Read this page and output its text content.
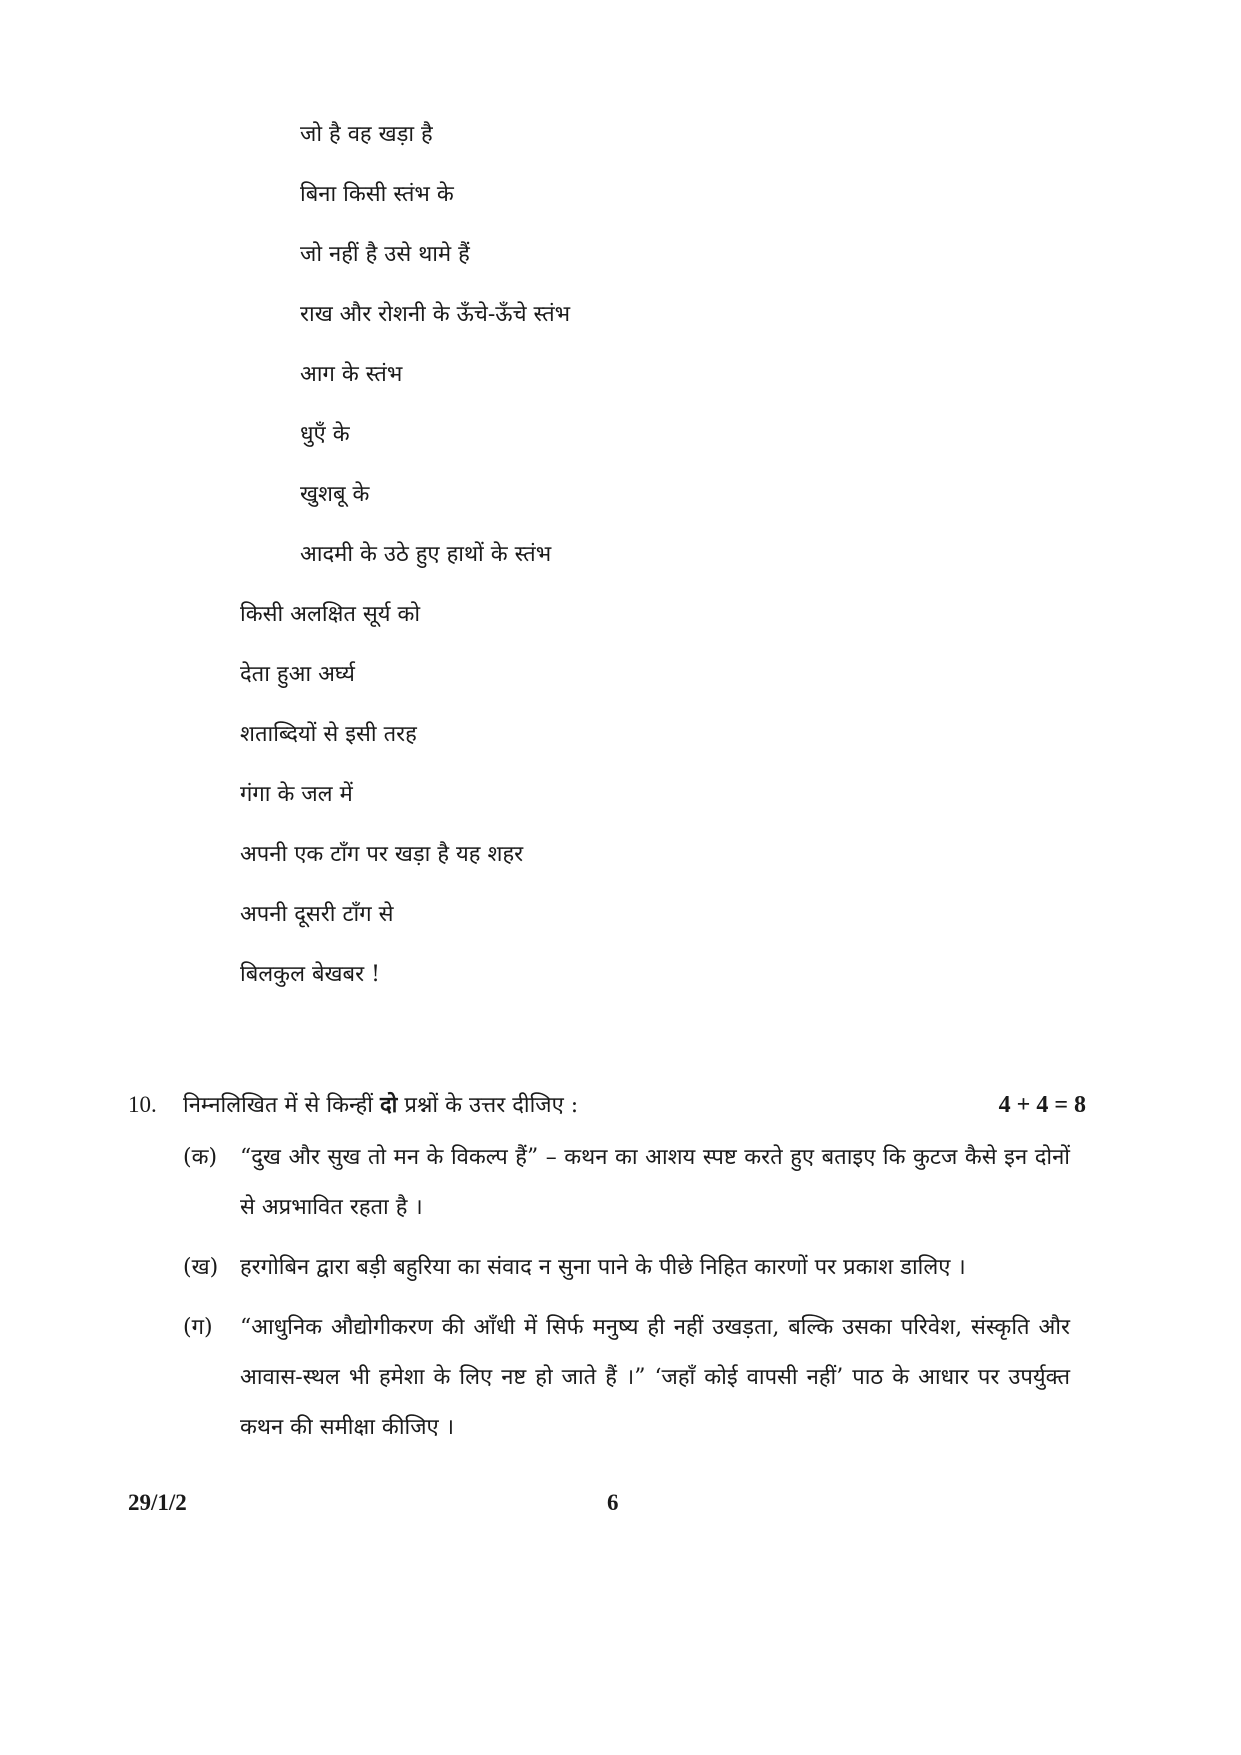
जो है वह खड़ा है
बिना किसी स्तंभ के
जो नहीं है उसे थामे हैं
राख और रोशनी के ऊँचे-ऊँचे स्तंभ
आग के स्तंभ
धुएँ के
खुशबू के
आदमी के उठे हुए हाथों के स्तंभ
किसी अलक्षित सूर्य को
देता हुआ अर्घ्य
शताब्दियों से इसी तरह
गंगा के जल में
अपनी एक टाँग पर खड़ा है यह शहर
अपनी दूसरी टाँग से
बिलकुल बेखबर !
10. निम्नलिखित में से किन्हीं दो प्रश्नों के उत्तर दीजिए :	4 + 4 = 8
(क) “दुख और सुख तो मन के विकल्प हैं” – कथन का आशय स्पष्ट करते हुए बताइए कि कुटज कैसे इन दोनों से अप्रभावित रहता है ।
(ख) हरगोबिन द्वारा बड़ी बहुरिया का संवाद न सुना पाने के पीछे निहित कारणों पर प्रकाश डालिए ।
(ग) “आधुनिक औद्योगीकरण की आँधी में सिर्फ मनुष्य ही नहीं उखड़ता, बल्कि उसका परिवेश, संस्कृति और आवास-स्थल भी हमेशा के लिए नष्ट हो जाते हैं ।” ‘जहाँ कोई वापसी नहीं’ पाठ के आधार पर उपर्युक्त कथन की समीक्षा कीजिए ।
29/1/2	6
